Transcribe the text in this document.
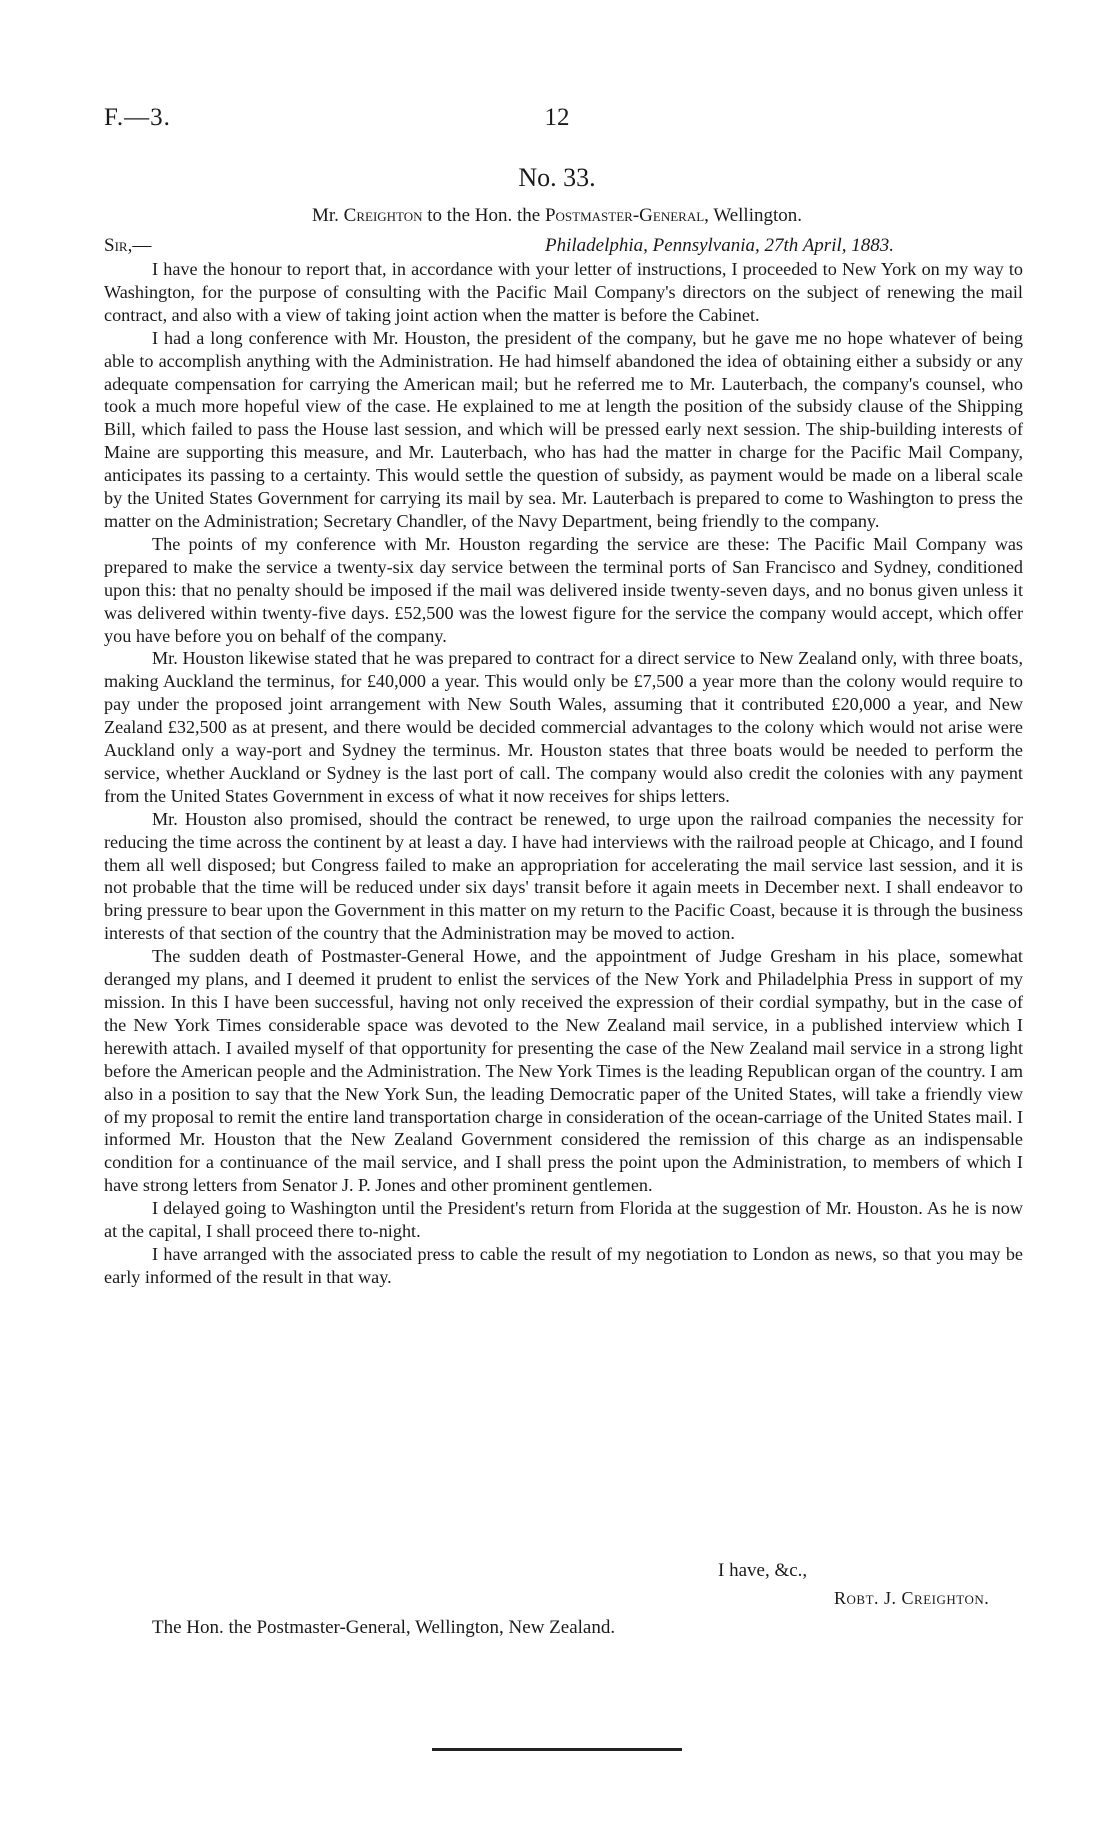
F.—3.	12
No. 33.
Mr. Creighton to the Hon. the Postmaster-General, Wellington.
Sir,—	Philadelphia, Pennsylvania, 27th April, 1883.

I have the honour to report that, in accordance with your letter of instructions, I proceeded to New York on my way to Washington, for the purpose of consulting with the Pacific Mail Company's directors on the subject of renewing the mail contract, and also with a view of taking joint action when the matter is before the Cabinet.

I had a long conference with Mr. Houston, the president of the company, but he gave me no hope whatever of being able to accomplish anything with the Administration. He had himself abandoned the idea of obtaining either a subsidy or any adequate compensation for carrying the American mail; but he referred me to Mr. Lauterbach, the company's counsel, who took a much more hopeful view of the case. He explained to me at length the position of the subsidy clause of the Shipping Bill, which failed to pass the House last session, and which will be pressed early next session. The ship-building interests of Maine are supporting this measure, and Mr. Lauterbach, who has had the matter in charge for the Pacific Mail Company, anticipates its passing to a certainty. This would settle the question of subsidy, as payment would be made on a liberal scale by the United States Government for carrying its mail by sea. Mr. Lauterbach is prepared to come to Washington to press the matter on the Administration; Secretary Chandler, of the Navy Department, being friendly to the company.

The points of my conference with Mr. Houston regarding the service are these: The Pacific Mail Company was prepared to make the service a twenty-six day service between the terminal ports of San Francisco and Sydney, conditioned upon this: that no penalty should be imposed if the mail was delivered inside twenty-seven days, and no bonus given unless it was delivered within twenty-five days. £52,500 was the lowest figure for the service the company would accept, which offer you have before you on behalf of the company.

Mr. Houston likewise stated that he was prepared to contract for a direct service to New Zealand only, with three boats, making Auckland the terminus, for £40,000 a year. This would only be £7,500 a year more than the colony would require to pay under the proposed joint arrangement with New South Wales, assuming that it contributed £20,000 a year, and New Zealand £32,500 as at present, and there would be decided commercial advantages to the colony which would not arise were Auckland only a way-port and Sydney the terminus. Mr. Houston states that three boats would be needed to perform the service, whether Auckland or Sydney is the last port of call. The company would also credit the colonies with any payment from the United States Government in excess of what it now receives for ships letters.

Mr. Houston also promised, should the contract be renewed, to urge upon the railroad companies the necessity for reducing the time across the continent by at least a day. I have had interviews with the railroad people at Chicago, and I found them all well disposed; but Congress failed to make an appropriation for accelerating the mail service last session, and it is not probable that the time will be reduced under six days' transit before it again meets in December next. I shall endeavor to bring pressure to bear upon the Government in this matter on my return to the Pacific Coast, because it is through the business interests of that section of the country that the Administration may be moved to action.

The sudden death of Postmaster-General Howe, and the appointment of Judge Gresham in his place, somewhat deranged my plans, and I deemed it prudent to enlist the services of the New York and Philadelphia Press in support of my mission. In this I have been successful, having not only received the expression of their cordial sympathy, but in the case of the New York Times considerable space was devoted to the New Zealand mail service, in a published interview which I herewith attach. I availed myself of that opportunity for presenting the case of the New Zealand mail service in a strong light before the American people and the Administration. The New York Times is the leading Republican organ of the country. I am also in a position to say that the New York Sun, the leading Democratic paper of the United States, will take a friendly view of my proposal to remit the entire land transportation charge in consideration of the ocean-carriage of the United States mail. I informed Mr. Houston that the New Zealand Government considered the remission of this charge as an indispensable condition for a continuance of the mail service, and I shall press the point upon the Administration, to members of which I have strong letters from Senator J. P. Jones and other prominent gentlemen.

I delayed going to Washington until the President's return from Florida at the suggestion of Mr. Houston. As he is now at the capital, I shall proceed there to-night.

I have arranged with the associated press to cable the result of my negotiation to London as news, so that you may be early informed of the result in that way.

I have, &c.,
Robt. J. Creighton.
The Hon. the Postmaster-General, Wellington, New Zealand.
